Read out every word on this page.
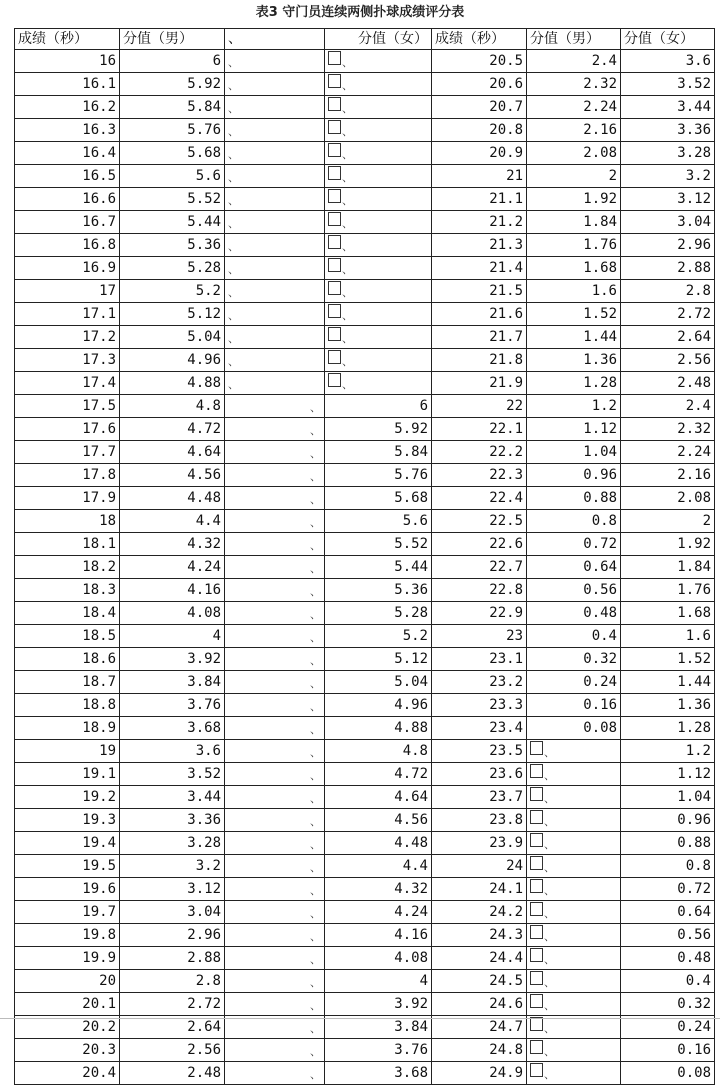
表3 守门员连续两侧扑球成绩评分表
成绩（秒）	分值（男）	、	分值（女）	成绩（秒）	分值（男）	分值（女）
16	6	$_、$	$_、$	20.5	2.4	3.6
16.1	5.92	$_、$	$_、$	20.6	2.32	3.52
16.2	5.84	$_、$	$_、$	20.7	2.24	3.44
16.3	5.76	$_、$	$_、$	20.8	2.16	3.36
16.4	5.68	$_、$	$_、$	20.9	2.08	3.28
16.5	5.6	$_、$	$_、$	21	2	3.2
16.6	5.52	$_、$	$_、$	21.1	1.92	3.12
16.7	5.44	$_、$	$_、$	21.2	1.84	3.04
16.8	5.36	$_、$	$_、$	21.3	1.76	2.96
16.9	5.28	$_、$	$_、$	21.4	1.68	2.88
17	5.2	$_、$	$_、$	21.5	1.6	2.8
17.1	5.12	$_、$	$_、$	21.6	1.52	2.72
17.2	5.04	$_、$	$_、$	21.7	1.44	2.64
17.3	4.96	$_、$	$_、$	21.8	1.36	2.56
17.4	4.88	$_、$	$_、$	21.9	1.28	2.48
17.5	4.8	$_、$	6	22	1.2	2.4
17.6	4.72	$_、$	5.92	22.1	1.12	2.32
17.7	4.64	$_、$	5.84	22.2	1.04	2.24
17.8	4.56	$_、$	5.76	22.3	0.96	2.16
17.9	4.48	$_、$	5.68	22.4	0.88	2.08
18	4.4	$_、$	5.6	22.5	0.8	2
18.1	4.32	$_、$	5.52	22.6	0.72	1.92
18.2	4.24	$_、$	5.44	22.7	0.64	1.84
18.3	4.16	$_、$	5.36	22.8	0.56	1.76
18.4	4.08	$_、$	5.28	22.9	0.48	1.68
18.5	4	$_、$	5.2	23	0.4	1.6
18.6	3.92	$_、$	5.12	23.1	0.32	1.52
18.7	3.84	$_、$	5.04	23.2	0.24	1.44
18.8	3.76	$_、$	4.96	23.3	0.16	1.36
18.9	3.68	$_、$	4.88	23.4	0.08	1.28
19	3.6	$_、$	4.8	23.5	$_、$	1.2
19.1	3.52	$_、$	4.72	23.6	$_、$	1.12
19.2	3.44	$_、$	4.64	23.7	$_、$	1.04
19.3	3.36	$_、$	4.56	23.8	$_、$	0.96
19.4	3.28	$_、$	4.48	23.9	$_、$	0.88
19.5	3.2	$_、$	4.4	24	$_、$	0.8
19.6	3.12	$_、$	4.32	24.1	$_、$	0.72
19.7	3.04	$_、$	4.24	24.2	$_、$	0.64
19.8	2.96	$_、$	4.16	24.3	$_、$	0.56
19.9	2.88	$_、$	4.08	24.4	$_、$	0.48
20	2.8	$_、$	4	24.5	$_、$	0.4
20.1	2.72	$_、$	3.92	24.6	$_、$	0.32
20.2	2.64	$_、$	3.84	24.7	$_、$	0.24
20.3	2.56	$_、$	3.76	24.8	$_、$	0.16
20.4	2.48	$_、$	3.68	24.9	$_、$	0.08
